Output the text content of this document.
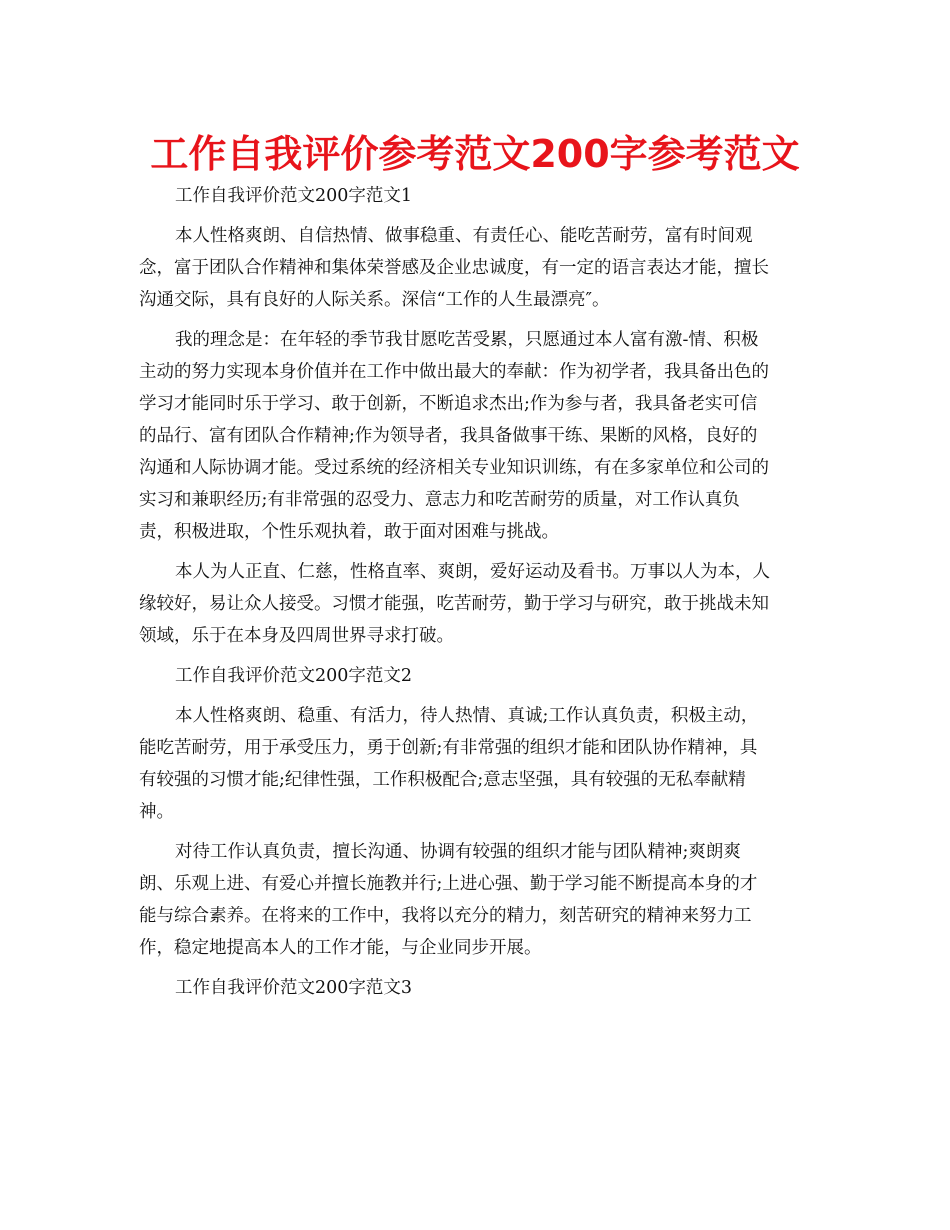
工作自我评价参考范文200字参考范文
工作自我评价范文200字范文1
本人性格爽朗、自信热情、做事稳重、有责任心、能吃苦耐劳，富有时间观
念，富于团队合作精神和集体荣誉感及企业忠诚度，有一定的语言表达才能，擅长
沟通交际，具有良好的人际关系。深信“工作的人生最漂亮″。
我的理念是：在年轻的季节我甘愿吃苦受累，只愿通过本人富有激-情、积极
主动的努力实现本身价值并在工作中做出最大的奉献：作为初学者，我具备出色的
学习才能同时乐于学习、敢于创新，不断追求杰出;作为参与者，我具备老实可信
的品行、富有团队合作精神;作为领导者，我具备做事干练、果断的风格，良好的
沟通和人际协调才能。受过系统的经济相关专业知识训练，有在多家单位和公司的
实习和兼职经历;有非常强的忍受力、意志力和吃苦耐劳的质量，对工作认真负
责，积极进取，个性乐观执着，敢于面对困难与挑战。
本人为人正直、仁慈，性格直率、爽朗，爱好运动及看书。万事以人为本，人
缘较好，易让众人接受。习惯才能强，吃苦耐劳，勤于学习与研究，敢于挑战未知
领域，乐于在本身及四周世界寻求打破。
工作自我评价范文200字范文2
本人性格爽朗、稳重、有活力，待人热情、真诚;工作认真负责，积极主动，
能吃苦耐劳，用于承受压力，勇于创新;有非常强的组织才能和团队协作精神，具
有较强的习惯才能;纪律性强，工作积极配合;意志坚强，具有较强的无私奉献精
神。
对待工作认真负责，擅长沟通、协调有较强的组织才能与团队精神;爽朗爽
朗、乐观上进、有爱心并擅长施教并行;上进心强、勤于学习能不断提高本身的才
能与综合素养。在将来的工作中，我将以充分的精力，刻苦研究的精神来努力工
作，稳定地提高本人的工作才能，与企业同步开展。
工作自我评价范文200字范文3
